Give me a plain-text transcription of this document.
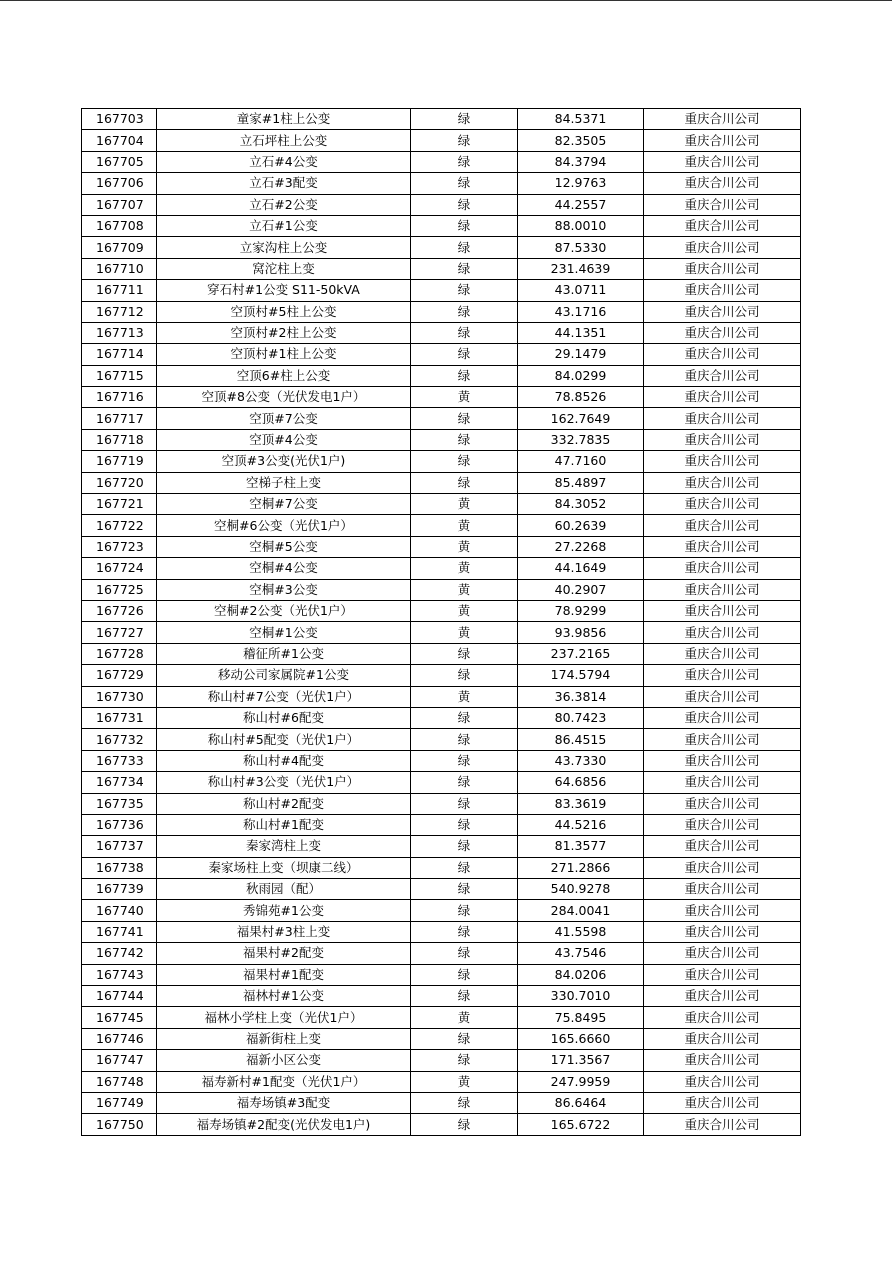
167703	童家#1柱上公变	绿	84.5371	重庆合川公司
167704	立石坪柱上公变	绿	82.3505	重庆合川公司
167705	立石#4公变	绿	84.3794	重庆合川公司
167706	立石#3配变	绿	12.9763	重庆合川公司
167707	立石#2公变	绿	44.2557	重庆合川公司
167708	立石#1公变	绿	88.0010	重庆合川公司
167709	立家沟柱上公变	绿	87.5330	重庆合川公司
167710	窝沱柱上变	绿	231.4639	重庆合川公司
167711	穿石村#1公变 S11-50kVA	绿	43.0711	重庆合川公司
167712	空顶村#5柱上公变	绿	43.1716	重庆合川公司
167713	空顶村#2柱上公变	绿	44.1351	重庆合川公司
167714	空顶村#1柱上公变	绿	29.1479	重庆合川公司
167715	空顶6#柱上公变	绿	84.0299	重庆合川公司
167716	空顶#8公变（光伏发电1户）	黄	78.8526	重庆合川公司
167717	空顶#7公变	绿	162.7649	重庆合川公司
167718	空顶#4公变	绿	332.7835	重庆合川公司
167719	空顶#3公变(光伏1户)	绿	47.7160	重庆合川公司
167720	空梯子柱上变	绿	85.4897	重庆合川公司
167721	空桐#7公变	黄	84.3052	重庆合川公司
167722	空桐#6公变（光伏1户）	黄	60.2639	重庆合川公司
167723	空桐#5公变	黄	27.2268	重庆合川公司
167724	空桐#4公变	黄	44.1649	重庆合川公司
167725	空桐#3公变	黄	40.2907	重庆合川公司
167726	空桐#2公变（光伏1户）	黄	78.9299	重庆合川公司
167727	空桐#1公变	黄	93.9856	重庆合川公司
167728	稽征所#1公变	绿	237.2165	重庆合川公司
167729	移动公司家属院#1公变	绿	174.5794	重庆合川公司
167730	称山村#7公变（光伏1户）	黄	36.3814	重庆合川公司
167731	称山村#6配变	绿	80.7423	重庆合川公司
167732	称山村#5配变（光伏1户）	绿	86.4515	重庆合川公司
167733	称山村#4配变	绿	43.7330	重庆合川公司
167734	称山村#3公变（光伏1户）	绿	64.6856	重庆合川公司
167735	称山村#2配变	绿	83.3619	重庆合川公司
167736	称山村#1配变	绿	44.5216	重庆合川公司
167737	秦家湾柱上变	绿	81.3577	重庆合川公司
167738	秦家场柱上变（坝康二线）	绿	271.2866	重庆合川公司
167739	秋雨园（配）	绿	540.9278	重庆合川公司
167740	秀锦苑#1公变	绿	284.0041	重庆合川公司
167741	福果村#3柱上变	绿	41.5598	重庆合川公司
167742	福果村#2配变	绿	43.7546	重庆合川公司
167743	福果村#1配变	绿	84.0206	重庆合川公司
167744	福林村#1公变	绿	330.7010	重庆合川公司
167745	福林小学柱上变（光伏1户）	黄	75.8495	重庆合川公司
167746	福新街柱上变	绿	165.6660	重庆合川公司
167747	福新小区公变	绿	171.3567	重庆合川公司
167748	福寿新村#1配变（光伏1户）	黄	247.9959	重庆合川公司
167749	福寿场镇#3配变	绿	86.6464	重庆合川公司
167750	福寿场镇#2配变(光伏发电1户)	绿	165.6722	重庆合川公司
